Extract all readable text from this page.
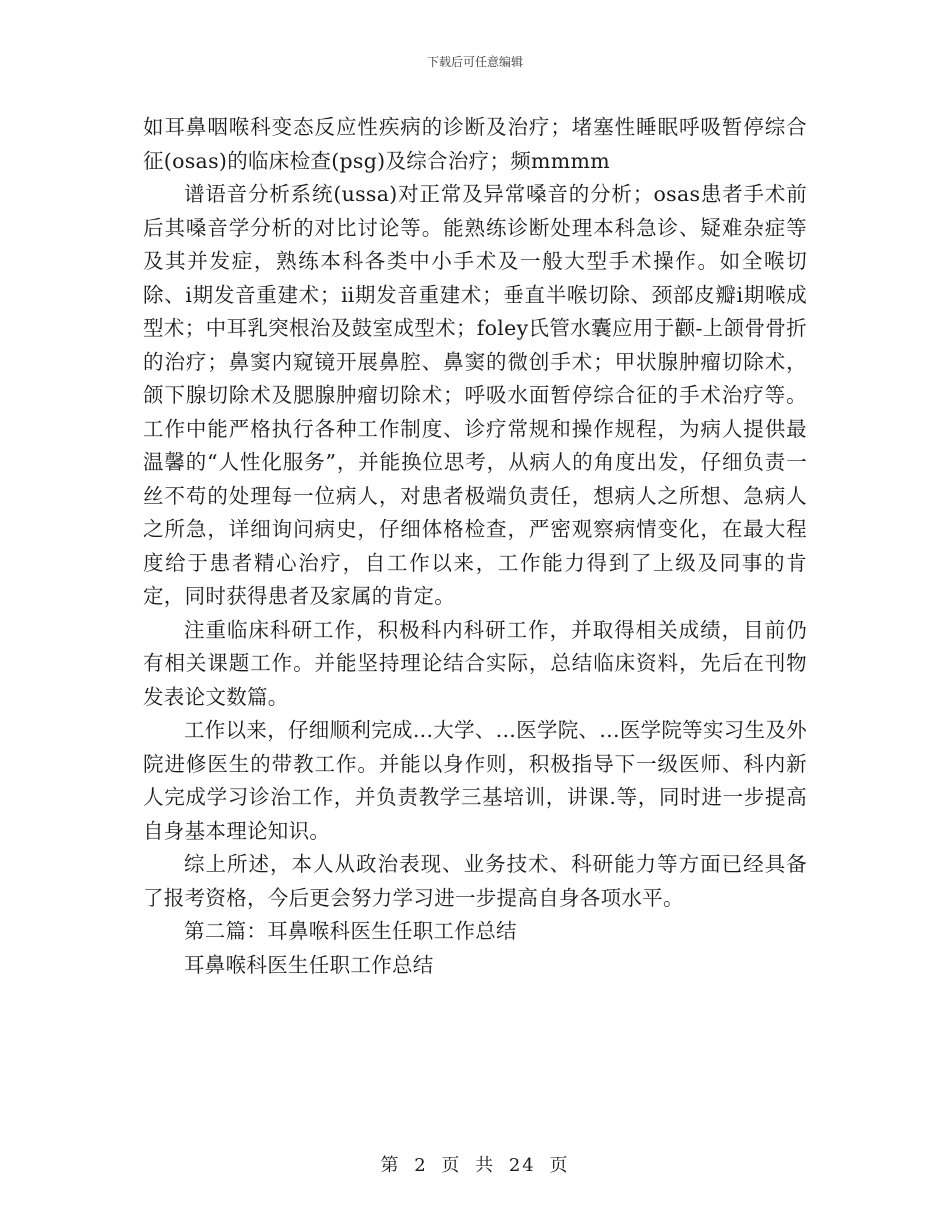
下载后可任意编辑

如耳鼻咽喉科变态反应性疾病的诊断及治疗；堵塞性睡眠呼吸暂停综合征(osas)的临床检查(psg)及综合治疗；频mmmm

谱语音分析系统(ussa)对正常及异常嗓音的分析；osas患者手术前后其嗓音学分析的对比讨论等。能熟练诊断处理本科急诊、疑难杂症等及其并发症，熟练本科各类中小手术及一般大型手术操作。如全喉切除、ⅰ期发音重建术；ⅱ期发音重建术；垂直半喉切除、颈部皮瓣ⅰ期喉成型术；中耳乳突根治及鼓室成型术；foley氏管水囊应用于颧-上颌骨骨折的治疗；鼻窦内窥镜开展鼻腔、鼻窦的微创手术；甲状腺肿瘤切除术，颌下腺切除术及腮腺肿瘤切除术；呼吸水面暂停综合征的手术治疗等。工作中能严格执行各种工作制度、诊疗常规和操作规程，为病人提供最温馨的“人性化服务”，并能换位思考，从病人的角度出发，仔细负责一丝不苟的处理每一位病人，对患者极端负责任，想病人之所想、急病人之所急，详细询问病史，仔细体格检查，严密观察病情变化，在最大程度给于患者精心治疗，自工作以来，工作能力得到了上级及同事的肯定，同时获得患者及家属的肯定。

注重临床科研工作，积极科内科研工作，并取得相关成绩，目前仍有相关课题工作。并能坚持理论结合实际，总结临床资料，先后在刊物发表论文数篇。

工作以来，仔细顺利完成...大学、...医学院、...医学院等实习生及外院进修医生的带教工作。并能以身作则，积极指导下一级医师、科内新人完成学习诊治工作，并负责教学三基培训，讲课.等，同时进一步提高自身基本理论知识。

综上所述，本人从政治表现、业务技术、科研能力等方面已经具备了报考资格，今后更会努力学习进一步提高自身各项水平。

第二篇：耳鼻喉科医生任职工作总结

耳鼻喉科医生任职工作总结

第 2 页 共 24 页
